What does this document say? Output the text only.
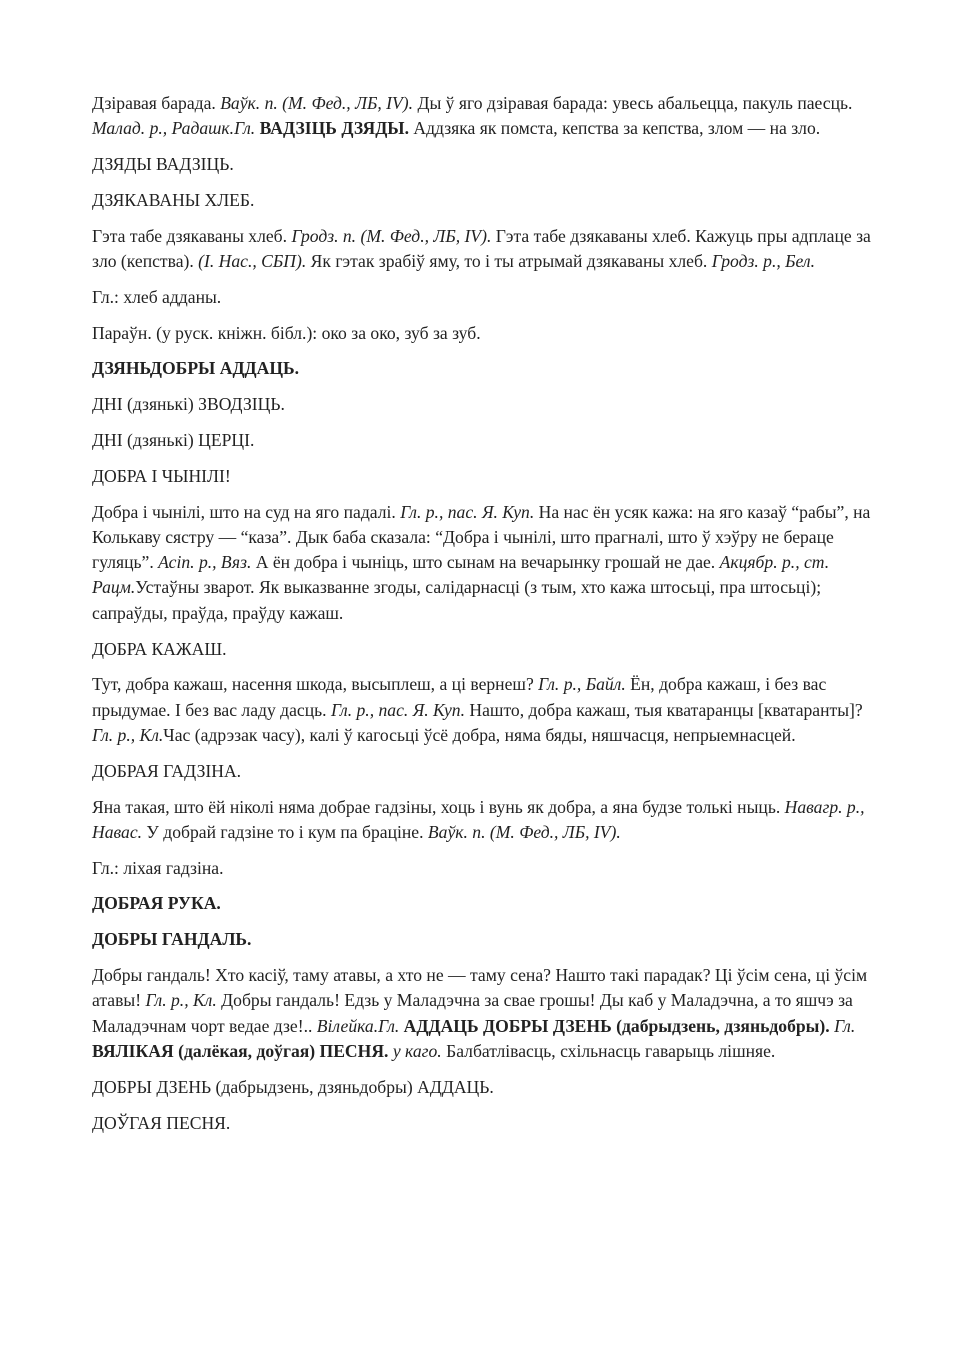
Дзіравая барада. Ваўк. п. (М. Фед., ЛБ, IV). Ды ў яго дзіравая барада: увесь абальецца, пакуль паесць. Малад. р., Радашк.Гл. ВАДЗІЦЬ ДЗЯДЫ. Аддзяка як помста, кепства за кепства, злом — на зло.

ДЗЯДЫ ВАДЗІЦЬ.

ДЗЯКАВАНЫ ХЛЕБ.

Гэта табе дзякаваны хлеб. Гродз. п. (М. Фед., ЛБ, IV). Гэта табе дзякаваны хлеб. Кажуць пры адплаце за зло (кепства). (І. Нас., СБП). Як гэтак зрабіў яму, то і ты атрымай дзякаваны хлеб. Гродз. р., Бел.

Гл.: хлеб адданы.

Параўн. (у руск. кніжн. бібл.): око за око, зуб за зуб.

ДЗЯНЬДОБРЫ АДДАЦЬ.

ДНІ (дзянькі) ЗВОДЗІЦЬ.

ДНІ (дзянькі) ЦЕРЦІ.

ДОБРА І ЧЫНІЛІ!

Добра і чынілі, што на суд на яго падалі. Гл. р., пас. Я. Куп. На нас ён усяк кажа: на яго казаў “рабы”, на Колькаву сястру — “каза”. Дык баба сказала: “Добра і чынілі, што прагналі, што ў хэўру не бераце гуляць”. Асіп. р., Вяз. А ён добра і чыніць, што сынам на вечарынку грошай не дае. Акцябр. р., ст. Рацм.Устаўны зварот. Як выказванне згоды, салідарнасці (з тым, хто кажа штосьці, пра штосьці); сапраўды, праўда, праўду кажаш.

ДОБРА КАЖАШ.

Тут, добра кажаш, насення шкода, высыплеш, а ці вернеш? Гл. р., Байл. Ён, добра кажаш, і без вас прыдумае. І без вас ладу дасць. Гл. р., пас. Я. Куп. Нашто, добра кажаш, тыя кватаранцы [кватаранты]? Гл. р., Кл.Час (адрэзак часу), калі ў кагосьці ўсё добра, няма бяды, няшчасця, непрыемнасцей.

ДОБРАЯ ГАДЗІНА.

Яна такая, што ёй ніколі няма добрае гадзіны, хоць і вунь як добра, а яна будзе толькі ныць. Навагр. р., Навас. У добрай гадзіне то і кум па браціне. Ваўк. п. (М. Фед., ЛБ, IV).

Гл.: ліхая гадзіна.

ДОБРАЯ РУКА.

ДОБРЫ ГАНДАЛЬ.

Добры гандаль! Хто касіў, таму атавы, а хто не — таму сена? Нашто такі парадак? Ці ўсім сена, ці ўсім атавы! Гл. р., Кл. Добры гандаль! Едзь у Маладэчна за свае грошы! Ды каб у Маладэчна, а то яшчэ за Маладэчнам чорт ведае дзе!.. Вілейка.Гл. АДДАЦЬ ДОБРЫ ДЗЕНЬ (дабрыдзень, дзяньдобры). Гл. ВЯЛІКАЯ (далёкая, доўгая) ПЕСНЯ. у каго. Балбатлівасць, схільнасць гаварыць лішняе.

ДОБРЫ ДЗЕНЬ (дабрыдзень, дзяньдобры) АДДАЦЬ.

ДОЎГАЯ ПЕСНЯ.
